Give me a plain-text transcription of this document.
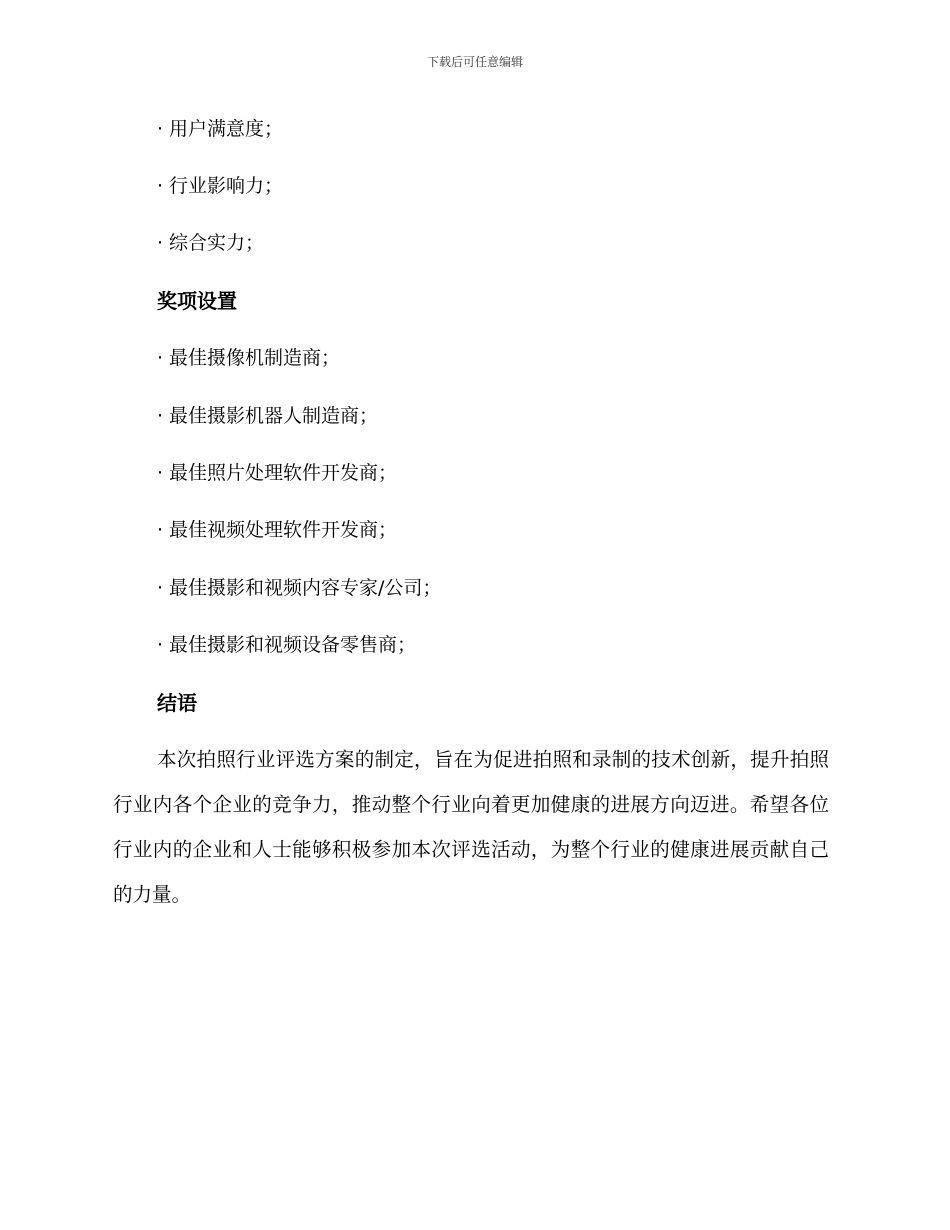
下载后可任意编辑
· 用户满意度；
· 行业影响力；
· 综合实力；
奖项设置
· 最佳摄像机制造商；
· 最佳摄影机器人制造商；
· 最佳照片处理软件开发商；
· 最佳视频处理软件开发商；
· 最佳摄影和视频内容专家/公司；
· 最佳摄影和视频设备零售商；
结语

本次拍照行业评选方案的制定，旨在为促进拍照和录制的技术创新，提升拍照行业内各个企业的竞争力，推动整个行业向着更加健康的进展方向迈进。希望各位行业内的企业和人士能够积极参加本次评选活动，为整个行业的健康进展贡献自己的力量。
